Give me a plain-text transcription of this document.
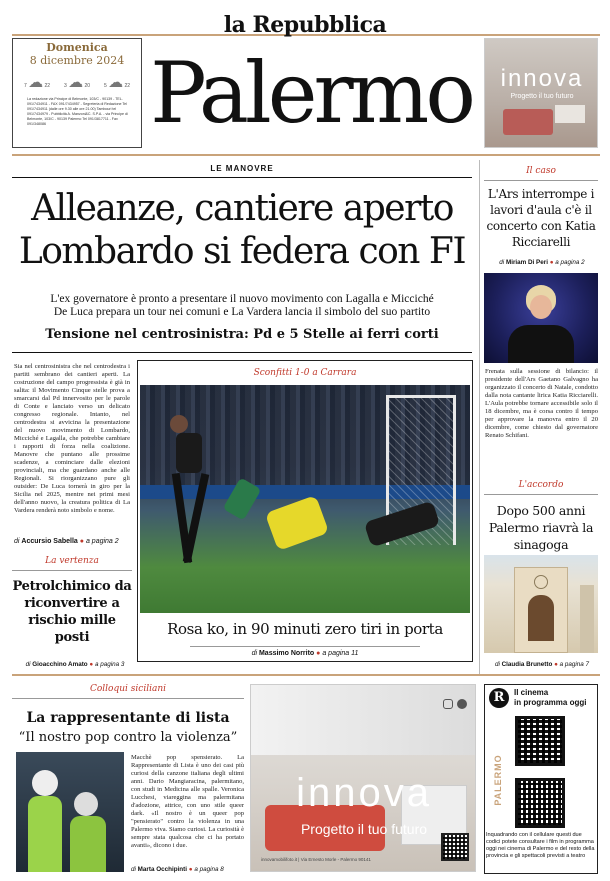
la Repubblica
Domenica
8 dicembre 2024
7 ☁ 22	3 ☁ 20	5 ☁ 22
La redazione via Principe di Belmonte, 103/C - 90139 - TEL. 091/7434911 - FAX 091/7434957 - Segreteria di Redazione Tel 091/7434911 (dalle ore 9.30 alle ore 21.00) Tambouri tel 091/7434979 - Pubblicità A. Manzoni&C. S.P.A. - via Principe di Belmonte, 103/C - 90139 Palermo Tel 091/3817711 - Fax 091/348086	Palermo	innova
Progetto il tuo futuro
LE MANOVRE
Alleanze, cantiere aperto
Lombardo si federa con FI
L'ex governatore è pronto a presentare il nuovo movimento con Lagalla e Micciché
De Luca prepara un tour nei comuni e La Vardera lancia il simbolo del suo partito
Tensione nel centrosinistra: Pd e 5 Stelle ai ferri corti
Sia nel centrosinistra che nel centrodestra i partiti sembrano dei cantieri aperti. La costruzione del campo progressista è già in salita: il Movimento Cinque stelle prova a smarcarsi dal Pd innervosito per le parole di Conte e lanciato verso un delicato congresso regionale. Intanto, nel centrodestra si avvicina la presentazione del nuovo movimento di Lombardo, Micciché e Lagalla, che potrebbe cambiare i rapporti di forza nella coalizione. Manovre che puntano alle prossime scadenze, a cominciare dalle elezioni provinciali, ma che guardano anche alle Regionali. Si riorganizzano pure gli outsider: De Luca tornerà in giro per la Sicilia nel 2025, mentre nei primi mesi dell'anno nuovo, la creatura politica di La Vardera renderà noto simbolo e nome.
di Accursio Sabella ● a pagina 2
Sconfitti 1-0 a Carrara
Rosa ko, in 90 minuti zero tiri in porta
di Massimo Norrito ● a pagina 11
Il caso
L'Ars interrompe i lavori d'aula c'è il concerto con Katia Ricciarelli
di Miriam Di Peri ● a pagina 2
Frenata sulla sessione di bilancio: il presidente dell'Ars Gaetano Galvagno ha organizzato il concerto di Natale, condotto dalla nota cantante lirica Katia Ricciarelli. L'Aula potrebbe tornare accessibile solo il 18 dicembre, ma è corsa contro il tempo per approvare la manovra entro il 20 dicembre, come chiesto dal governatore Renato Schifani.
L'accordo
Dopo 500 anni Palermo riavrà la sinagoga
di Claudia Brunetto ● a pagina 7
La vertenza
Petrolchimico da riconvertire a rischio mille posti
di Gioacchino Amato ● a pagina 3
Colloqui siciliani
La rappresentante di lista
“Il nostro pop contro la violenza”
Macchè pop spensierato. La Rappresentante di Lista è uno dei casi più curiosi della canzone italiana degli ultimi anni. Dario Mangiaracina, palermitano, con studi in Medicina alle spalle. Veronica Lucchesi, viareggina ma palermitana d'adozione, attrice, con uno stile queer dark. «Il nostro è un queer pop "pensierato" contro la violenza in una Palermo viva. Siamo curiosi. La curiosità è sempre stata qualcosa che ci ha portato avanti», dicono i due.
di Marta Occhipinti ● a pagina 8
innova
Progetto il tuo futuro
innovamobilifoto.it | Via Ernesto Morle - Palermo 90141
R	Il cinema
in programma oggi
PALERMO
Inquadrando con il cellulare questi due codici potete consultare i film in programma oggi nei cinema di Palermo e del resto della provincia e gli spettacoli previsti a teatro
